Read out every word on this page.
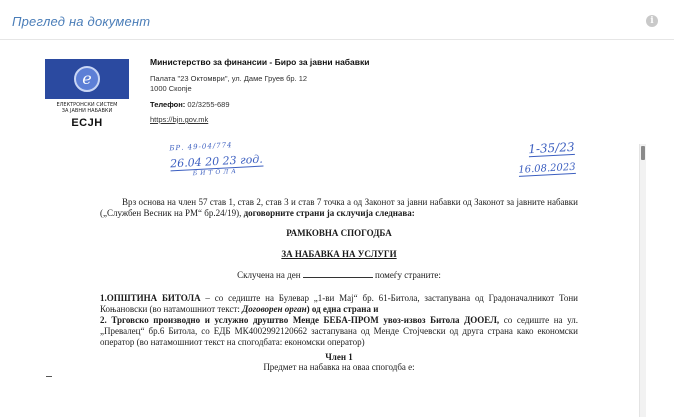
Преглед на документ	i
e
ЕЛЕКТРОНСКИ СИСТЕМ
ЗА ЈАВНИ НАБАВКИ
ЕСЈН
Министерство за финансии - Биро за јавни набавки
Палата "23 Октомври", ул. Даме Груев бр. 12
1000 Скопје
Телефон: 02/3255-689
https://bjn.gov.mk
БР. 49-04/774
26.04 20 23 год.
БИТОЛА
1-35/23
16.08.2023

Врз основа на член 57 став 1, став 2, став 3 и став 7 точка а од Законот за јавни набавки од Законот за јавните набавки („Службен Весник на РМ“ бр.24/19), договорните страни ја склучија следнава:

РАМКОВНА СПОГОДБА
ЗА НАБАВКА НА УСЛУГИ
Склучена на ден	помеѓу страните:

1.ОПШТИНА БИТОЛА – со седиште на Булевар „1-ви Мај“ бр. 61-Битола, застапувана од Градоначалникот Тони Коњановски (во натамошниот текст: Договорен орган) од една страна и

2. Трговско производно и услужно друштво Менде БЕБА-ПРОМ увоз-извоз Битола ДООЕЛ, со седиште на ул.„Превалец“ бр.6 Битола, со ЕДБ МК4002992120662 застапувана од Менде Стојчевски од друга страна како економски оператор (во натамошниот текст на спогодбата: економски оператор)

Член 1
Предмет на набавка на оваа спогодба е:
